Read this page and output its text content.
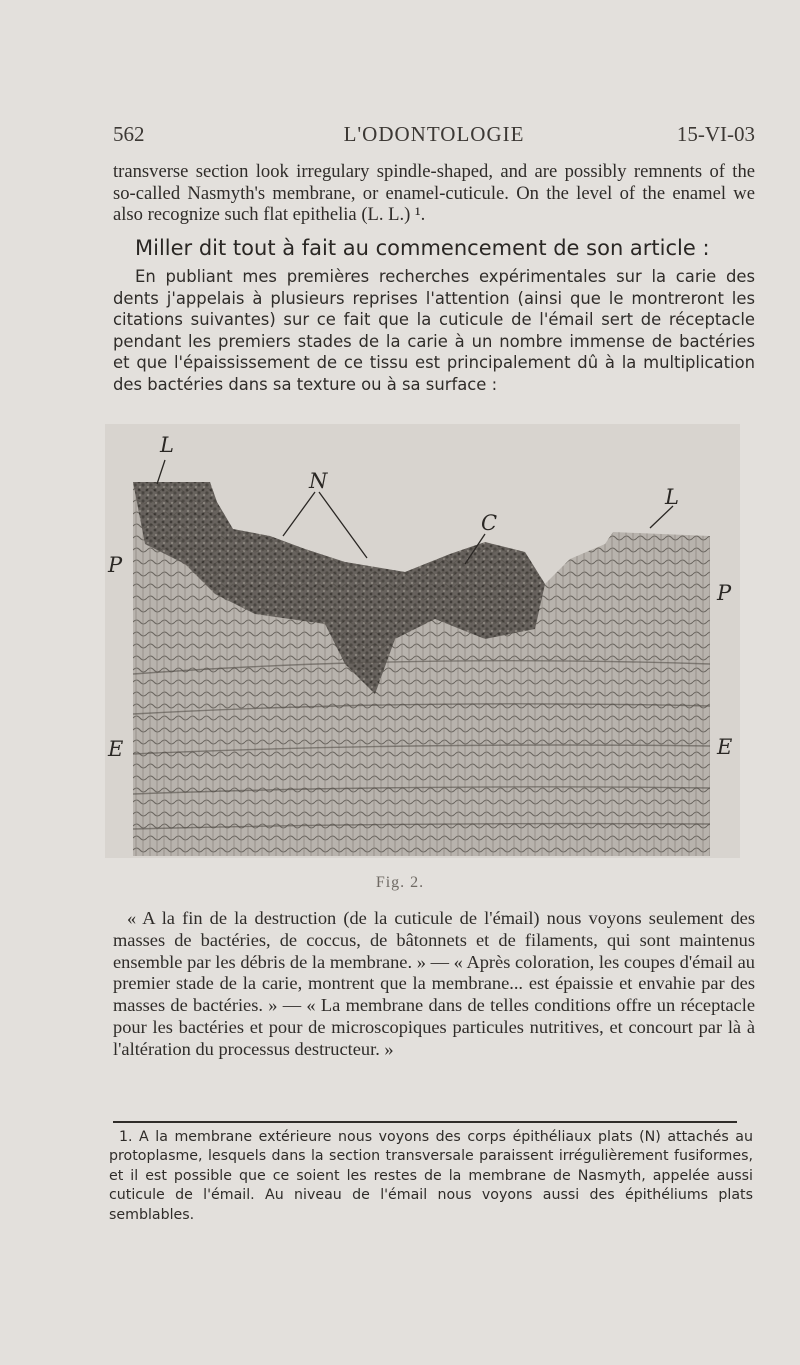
562	L'ODONTOLOGIE	15-VI-03
transverse section look irregulary spindle-shaped, and are possibly remnents of the so-called Nasmyth's membrane, or enamel-cuticule. On the level of the enamel we also recognize such flat epithelia (L. L.) ¹.
Miller dit tout à fait au commencement de son article :
En publiant mes premières recherches expérimentales sur la carie des dents j'appelais à plusieurs reprises l'attention (ainsi que le montreront les citations suivantes) sur ce fait que la cuticule de l'émail sert de réceptacle pendant les premiers stades de la carie à un nombre immense de bactéries et que l'épaississement de ce tissu est principalement dû à la multiplication des bactéries dans sa texture ou à sa surface :
L
N
C
L
P
P
E	E
Fig. 2.
« A la fin de la destruction (de la cuticule de l'émail) nous voyons seulement des masses de bactéries, de coccus, de bâtonnets et de filaments, qui sont maintenus ensemble par les débris de la membrane. » — « Après coloration, les coupes d'émail au premier stade de la carie, montrent que la membrane... est épaissie et envahie par des masses de bactéries. » — « La membrane dans de telles conditions offre un réceptacle pour les bactéries et pour de microscopiques particules nutritives, et concourt par là à l'altération du processus destructeur. »
1. A la membrane extérieure nous voyons des corps épithéliaux plats (N) attachés au protoplasme, lesquels dans la section transversale paraissent irrégulièrement fusiformes, et il est possible que ce soient les restes de la membrane de Nasmyth, appelée aussi cuticule de l'émail. Au niveau de l'émail nous voyons aussi des épithéliums plats semblables.
